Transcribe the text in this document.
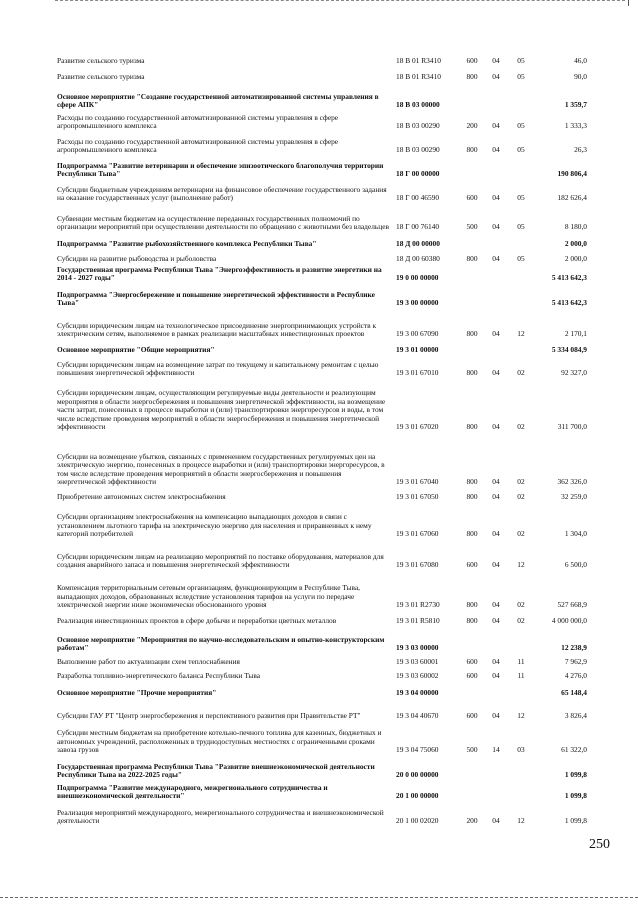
Развитие сельского туризма	18 В 01 R3410	600	04	05	46,0
Развитие сельского туризма	18 В 01 R3410	800	04	05	90,0
Основное мероприятие "Создание государственной автоматизированной системы управления в сфере АПК"	18 В 03 00000	1 359,7
Расходы по созданию государственной автоматизированной системы управления в сфере агропромышленного комплекса	18 В 03 00290	200	04	05	1 333,3
Расходы по созданию государственной автоматизированной системы управления в сфере агропромышленного комплекса	18 В 03 00290	800	04	05	26,3
Подпрограмма "Развитие ветеринарии и обеспечение эпизоотического благополучия территории Республики Тыва"	18 Г 00 00000	190 806,4
Субсидии бюджетным учреждениям ветеринарии на финансовое обеспечение государственного задания на оказание государственных услуг (выполнение работ)	18 Г 00 46590	600	04	05	182 626,4
Субвенции местным бюджетам на осуществление переданных государственных полномочий по организации мероприятий при осуществлении деятельности по обращению с животными без владельцев 18 Г 00 76140	500	04	05	8 180,0
Подпрограмма "Развитие рыбохозяйственного комплекса Республики Тыва"	18 Д 00 00000	2 000,0
Субсидии на развитие рыбоводства и рыболовства	18 Д 00 60380	800	04	05	2 000,0
Государственная программа Республики Тыва "Энергоэффективность и развитие энергетики на 2014 - 2027 годы"	19 0 00 00000	5 413 642,3
Подпрограмма "Энергосбережение и повышение энергетической эффективности в Республике Тыва"	19 3 00 00000	5 413 642,3
Субсидии юридическим лицам на технологическое присоединение энергопринимающих устройств к электрическим сетям, выполняемое в рамках реализации масштабных инвестиционных проектов	19 3 00 67090	800	04	12	2 170,1
Основное мероприятие "Общие мероприятия"	19 3 01 00000	5 334 084,9
Субсидии юридическим лицам на возмещение затрат по текущему и капитальному ремонтам с целью повышения энергетической эффективности	19 3 01 67010	800	04	02	92 327,0
Субсидии юридическим лицам, осуществляющим регулируемые виды деятельности и реализующим мероприятия в области энергосбережения и повышения энергетической эффективности, на возмещение части затрат, понесенных в процессе выработки и (или) транспортировки энергоресурсов и воды, в том числе вследствие проведения мероприятий в области энергосбережения и повышения энергетической эффективности	19 3 01 67020	800	04	02	311 700,0
Субсидии на возмещение убытков, связанных с применением государственных регулируемых цен на электрическую энергию, понесенных в процессе выработки и (или) транспортировки энергоресурсов, в том числе вследствие проведения мероприятий в области энергосбережения и повышения энергетической эффективности	19 3 01 67040	800	04	02	362 326,0
Приобретение автономных систем электроснабжения	19 3 01 67050	800	04	02	32 259,0
Субсидии организациям электроснабжения на компенсацию выпадающих доходов в связи с установлением льготного тарифа на электрическую энергию для населения и приравненных к нему категорий потребителей	19 3 01 67060	800	04	02	1 304,0
Субсидии юридическим лицам на реализацию мероприятий по поставке оборудования, материалов для создания аварийного запаса и повышения энергетической эффективности	19 3 01 67080	600	04	12	6 500,0
Компенсация территориальным сетевым организациям, функционирующим в Республике Тыва, выпадающих доходов, образованных вследствие установления тарифов на услуги по передаче электрической энергии ниже экономически обоснованного уровня	19 3 01 R2730	800	04	02	527 668,9
Реализация инвестиционных проектов в сфере добычи и переработки цветных металлов	19 3 01 R5810	800	04	02	4 000 000,0
Основное мероприятие "Мероприятия по научно-исследовательским и опытно-конструкторским работам"	19 3 03 00000	12 238,9
Выполнение работ по актуализации схем теплоснабжения	19 3 03 60001	600	04	11	7 962,9
Разработка топливно-энергетического баланса Республики Тыва	19 3 03 60002	600	04	11	4 276,0
Основное мероприятие "Прочие мероприятия"	19 3 04 00000	65 148,4
Субсидии ГАУ РТ "Центр энергосбережения и перспективного развития при Правительстве РТ"	19 3 04 40670	600	04	12	3 826,4
Субсидии местным бюджетам на приобретение котельно-печного топлива для казенных, бюджетных и автономных учреждений, расположенных в труднодоступных местностях с ограниченными сроками завоза грузов	19 3 04 75060	500	14	03	61 322,0
Государственная программа Республики Тыва "Развитие внешнеэкономической деятельности Республики Тыва на 2022-2025 годы"	20 0 00 00000	1 099,8
Подпрограмма "Развитие международного, межрегионального сотрудничества и внешнеэкономической деятельности"	20 1 00 00000	1 099,8
Реализация мероприятий международного, межрегионального сотрудничества и внешнеэкономической деятельности	20 1 00 02020	200	04	12	1 099,8
250
